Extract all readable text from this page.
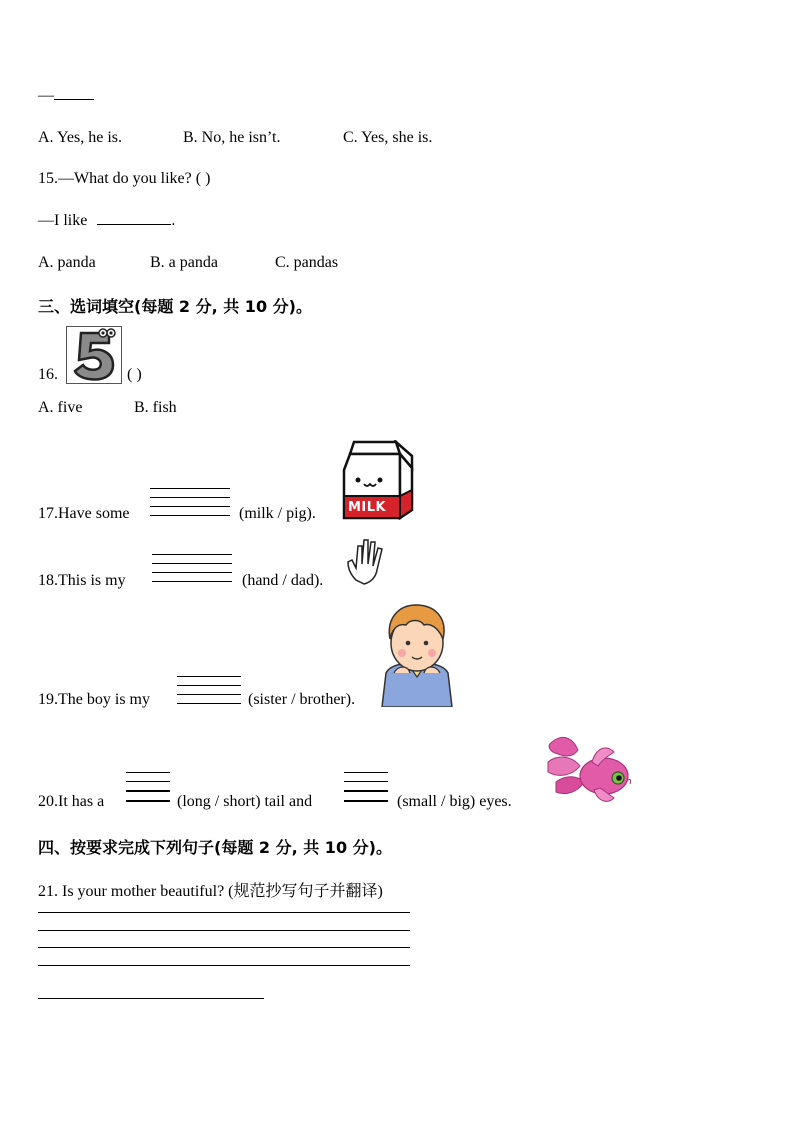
—
A. Yes, he is.	B. No, he isn’t.	C. Yes, she is.
15.—What do you like? ( )
—I like	.
A. panda	B. a panda	C. pandas
三、选词填空(每题 2 分, 共 10 分)。
16.	( )
A. five	B. fish
17.Have some	(milk / pig). MILK
18.This is my	(hand / dad).
19.The boy is my	(sister / brother).
20.It has a	(long / short) tail and	(small / big) eyes.
四、按要求完成下列句子(每题 2 分, 共 10 分)。
21. Is your mother beautiful? (规范抄写句子并翻译)
